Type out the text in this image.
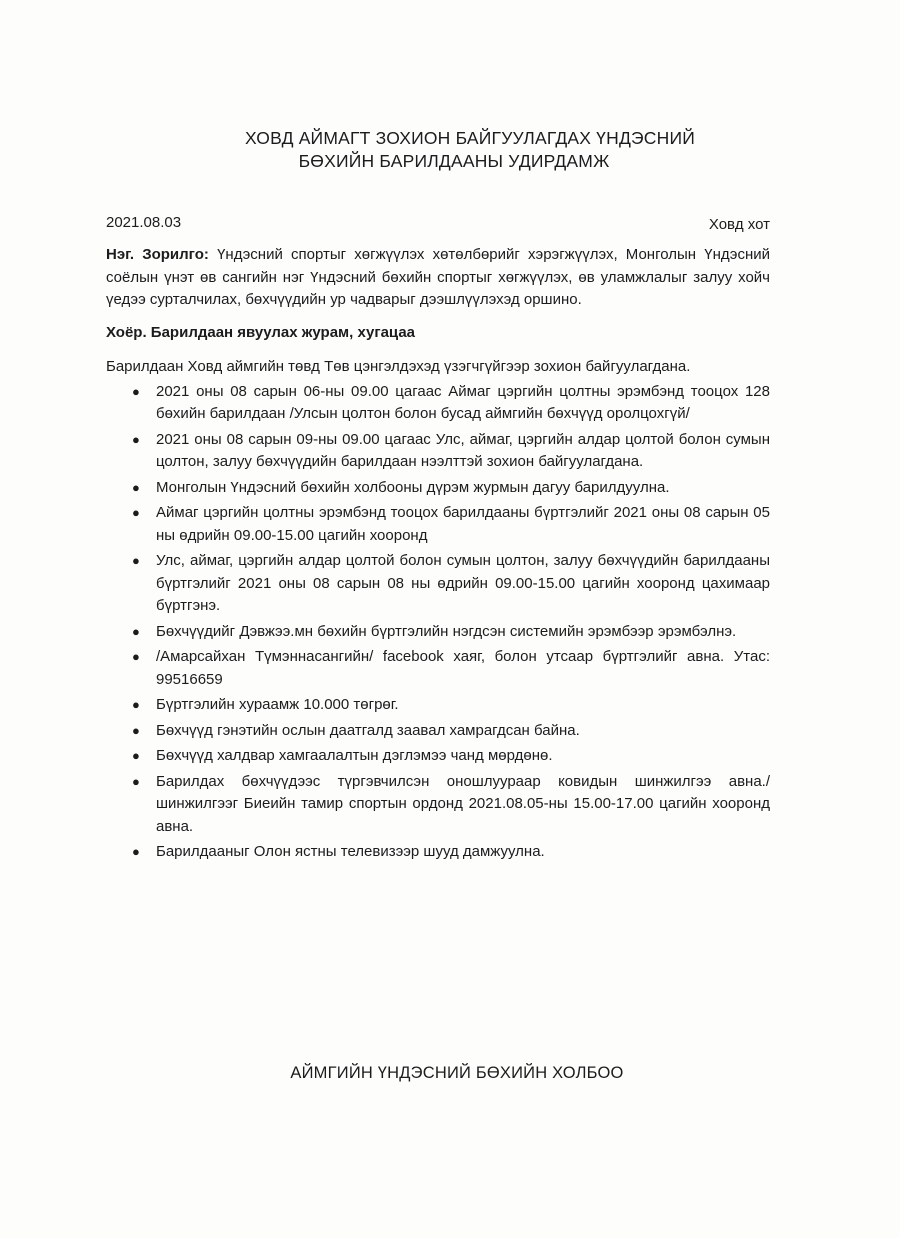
ХОВД АЙМАГТ ЗОХИОН БАЙГУУЛАГДАХ ҮНДЭСНИЙ
БӨХИЙН БАРИЛДААНЫ УДИРДАМЖ
2021.08.03	Ховд хот

Нэг. Зорилго: Үндэсний спортыг хөгжүүлэх хөтөлбөрийг хэрэгжүүлэх, Монголын Үндэсний соёлын үнэт өв сангийн нэг Үндэсний бөхийн спортыг хөгжүүлэх, өв уламжлалыг залуу хойч үедээ сурталчилах, бөхчүүдийн ур чадварыг дээшлүүлэхэд оршино.

Хоёр. Барилдаан явуулах журам, хугацаа

Барилдаан Ховд аймгийн төвд Төв цэнгэлдэхэд үзэгчгүйгээр зохион байгуулагдана.

● 2021 оны 08 сарын 06-ны 09.00 цагаас Аймаг цэргийн цолтны эрэмбэнд тооцох 128 бөхийн барилдаан /Улсын цолтон болон бусад аймгийн бөхчүүд оролцохгүй/
● 2021 оны 08 сарын 09-ны 09.00 цагаас Улс, аймаг, цэргийн алдар цолтой болон сумын цолтон, залуу бөхчүүдийн барилдаан нээлттэй зохион байгуулагдана.
● Монголын Үндэсний бөхийн холбооны дүрэм журмын дагуу барилдуулна.
● Аймаг цэргийн цолтны эрэмбэнд тооцох барилдааны бүртгэлийг 2021 оны 08 сарын 05 ны өдрийн 09.00-15.00 цагийн хооронд
● Улс, аймаг, цэргийн алдар цолтой болон сумын цолтон, залуу бөхчүүдийн барилдааны бүртгэлийг 2021 оны 08 сарын 08 ны өдрийн 09.00-15.00 цагийн хооронд цахимаар бүртгэнэ.
● Бөхчүүдийг Дэвжээ.мн бөхийн бүртгэлийн нэгдсэн системийн эрэмбээр эрэмбэлнэ.
● /Амарсайхан Түмэннасангийн/ facebook хаяг, болон утсаар бүртгэлийг авна. Утас: 99516659
● Бүртгэлийн хураамж 10.000 төгрөг.
● Бөхчүүд гэнэтийн ослын даатгалд заавал хамрагдсан байна.
● Бөхчүүд халдвар хамгаалалтын дэглэмээ чанд мөрдөнө.
● Барилдах бөхчүүдээс түргэвчилсэн оношлуураар ковидын шинжилгээ авна./шинжилгээг Биеийн тамир спортын ордонд 2021.08.05-ны 15.00-17.00 цагийн хооронд авна.
● Барилдааныг Олон ястны телевизээр шууд дамжуулна.
АЙМГИЙН ҮНДЭСНИЙ БӨХИЙН ХОЛБОО
